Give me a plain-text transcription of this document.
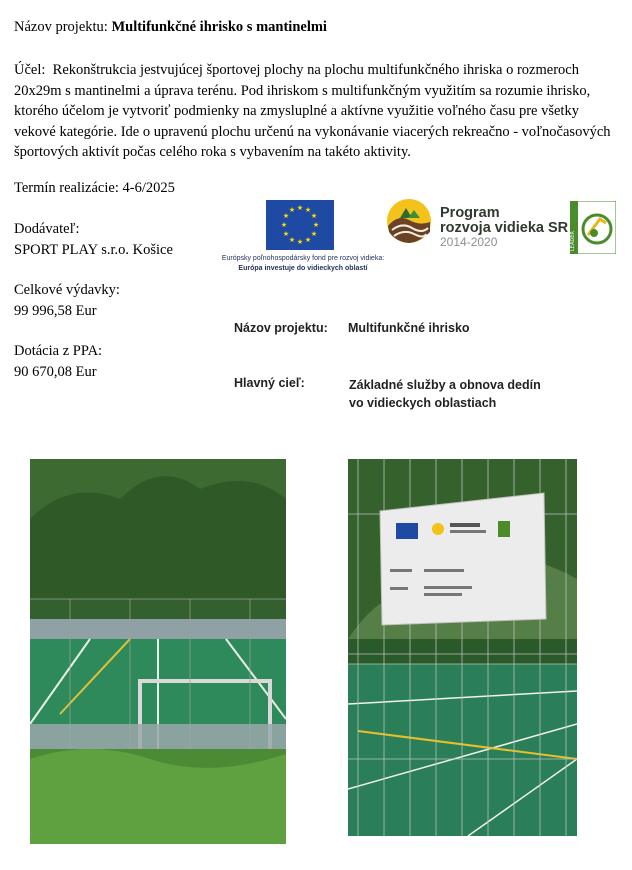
Názov projektu: Multifunkčné ihrisko s mantinelmi
Účel: Rekonštrukcia jestvujúcej športovej plochy na plochu multifunkčného ihriska o rozmeroch 20x29m s mantinelmi a úprava terénu. Pod ihriskom s multifunkčným využitím sa rozumie ihrisko, ktorého účelom je vytvoriť podmienky na zmysluplné a aktívne využitie voľného času pre všetky vekové kategórie. Ide o upravenú plochu určenú na vykonávanie viacerých rekreačno - voľnočasových športových aktivít počas celého roka s vybavením na takéto aktivity.
Termín realizácie: 4-6/2025
Dodávateľ:
SPORT PLAY s.r.o. Košice
Celkové výdavky:
99 996,58 Eur
Dotácia z PPA:
90 670,08 Eur
★ ★
★
★
★
★
★
★
★
★
★
★
Európsky poľnohospodársky fond pre rozvoj vidieka:
Európa investuje do vidieckych oblastí
Program
rozvoja vidieka SR
2014-2020	LEADER
Názov projektu: Multifunkčné ihrisko
Hlavný cieľ:	Základné služby a obnova dedín
vo vidieckych oblastiach
